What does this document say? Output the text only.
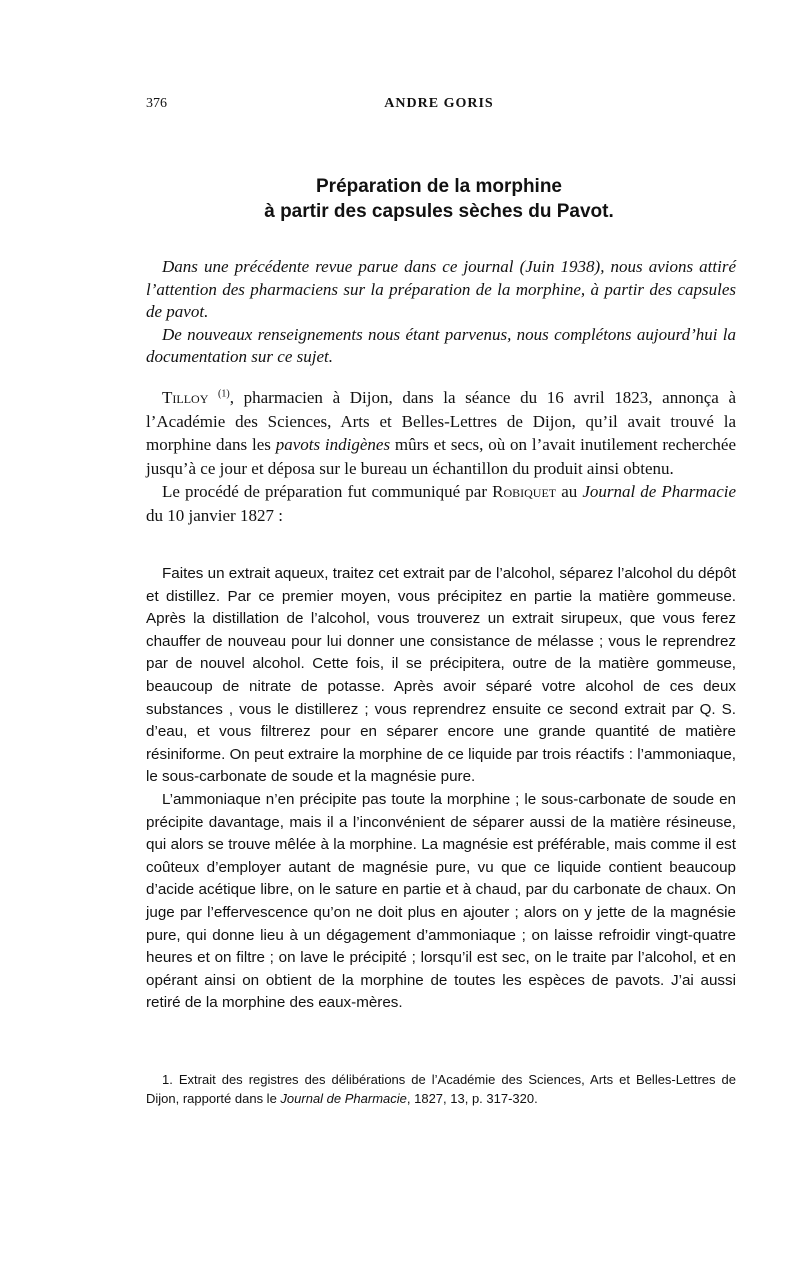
376	ANDRE GORIS
Préparation de la morphine
à partir des capsules sèches du Pavot.

Dans une précédente revue parue dans ce journal (Juin 1938), nous avions attiré l’attention des pharmaciens sur la préparation de la morphine, à partir des capsules de pavot.

De nouveaux renseignements nous étant parvenus, nous complétons aujourd’hui la documentation sur ce sujet.

Tilloy $^{(1)}$, pharmacien à Dijon, dans la séance du 16 avril 1823, annonça à l’Académie des Sciences, Arts et Belles-Lettres de Dijon, qu’il avait trouvé la morphine dans les pavots indigènes mûrs et secs, où on l’avait inutilement recherchée jusqu’à ce jour et déposa sur le bureau un échantillon du produit ainsi obtenu.

Le procédé de préparation fut communiqué par Robiquet au Journal de Pharmacie du 10 janvier 1827 :

Faites un extrait aqueux, traitez cet extrait par de l’alcohol, séparez l’alcohol du dépôt et distillez. Par ce premier moyen, vous précipitez en partie la matière gommeuse. Après la distillation de l’alcohol, vous trouverez un extrait sirupeux, que vous ferez chauffer de nouveau pour lui donner une consistance de mélasse ; vous le reprendrez par de nouvel alcohol. Cette fois, il se précipitera, outre de la matière gommeuse, beaucoup de nitrate de potasse. Après avoir séparé votre alcohol de ces deux substances , vous le distillerez ; vous reprendrez ensuite ce second extrait par Q. S. d’eau, et vous filtrerez pour en séparer encore une grande quantité de matière résiniforme. On peut extraire la morphine de ce liquide par trois réactifs : l’ammoniaque, le sous-carbonate de soude et la magnésie pure.

L’ammoniaque n’en précipite pas toute la morphine ; le sous-carbonate de soude en précipite davantage, mais il a l’inconvénient de séparer aussi de la matière résineuse, qui alors se trouve mêlée à la morphine. La magnésie est préférable, mais comme il est coûteux d’employer autant de magnésie pure, vu que ce liquide contient beaucoup d’acide acétique libre, on le sature en partie et à chaud, par du carbonate de chaux. On juge par l’effervescence qu’on ne doit plus en ajouter ; alors on y jette de la magnésie pure, qui donne lieu à un dégagement d’ammoniaque ; on laisse refroidir vingt-quatre heures et on filtre ; on lave le précipité ; lorsqu’il est sec, on le traite par l’alcohol, et en opérant ainsi on obtient de la morphine de toutes les espèces de pavots. J’ai aussi retiré de la morphine des eaux-mères.

1. Extrait des registres des délibérations de l’Académie des Sciences, Arts et Belles-Lettres de Dijon, rapporté dans le Journal de Pharmacie, 1827, 13, p. 317-320.
